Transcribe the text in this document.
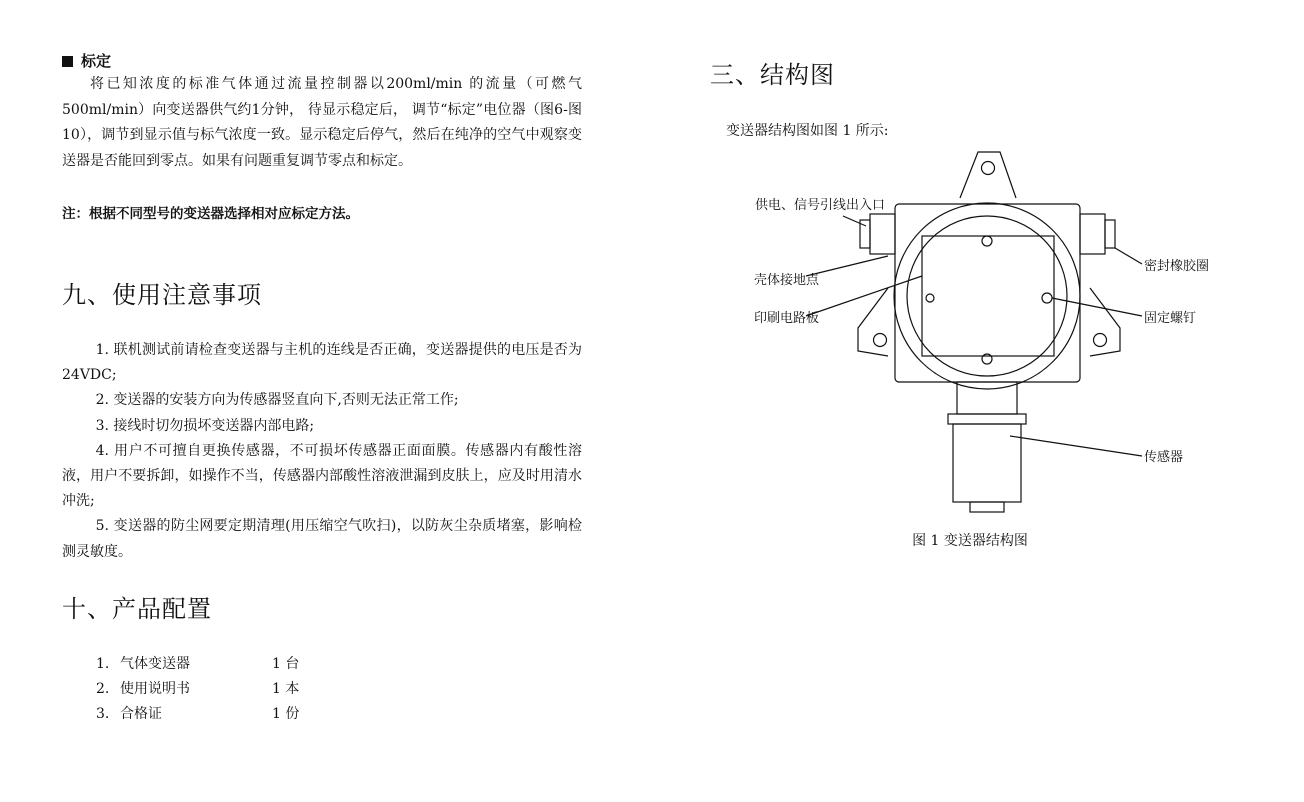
标定

将已知浓度的标准气体通过流量控制器以200ml/min 的流量（可燃气500ml/min）向变送器供气约1分钟， 待显示稳定后， 调节“标定”电位器（图6-图10），调节到显示值与标气浓度一致。显示稳定后停气，然后在纯净的空气中观察变送器是否能回到零点。如果有问题重复调节零点和标定。

注：根据不同型号的变送器选择相对应标定方法。
九、使用注意事项

1. 联机测试前请检查变送器与主机的连线是否正确，变送器提供的电压是否为 24VDC;

2. 变送器的安装方向为传感器竖直向下,否则无法正常工作;

3. 接线时切勿损坏变送器内部电路;

4. 用户不可擅自更换传感器，不可损坏传感器正面面膜。传感器内有酸性溶液，用户不要拆卸，如操作不当，传感器内部酸性溶液泄漏到皮肤上，应及时用清水冲洗;

5. 变送器的防尘网要定期清理(用压缩空气吹扫)，以防灰尘杂质堵塞，影响检测灵敏度。

十、产品配置
1. 气体变送器	1 台
2. 使用说明书	1 本
3. 合格证	1 份
三、结构图

变送器结构图如图 1 所示:

供电、信号引线出入口
壳体接地点
印刷电路板
密封橡胶圈
固定螺钉
传感器
图 1 变送器结构图
